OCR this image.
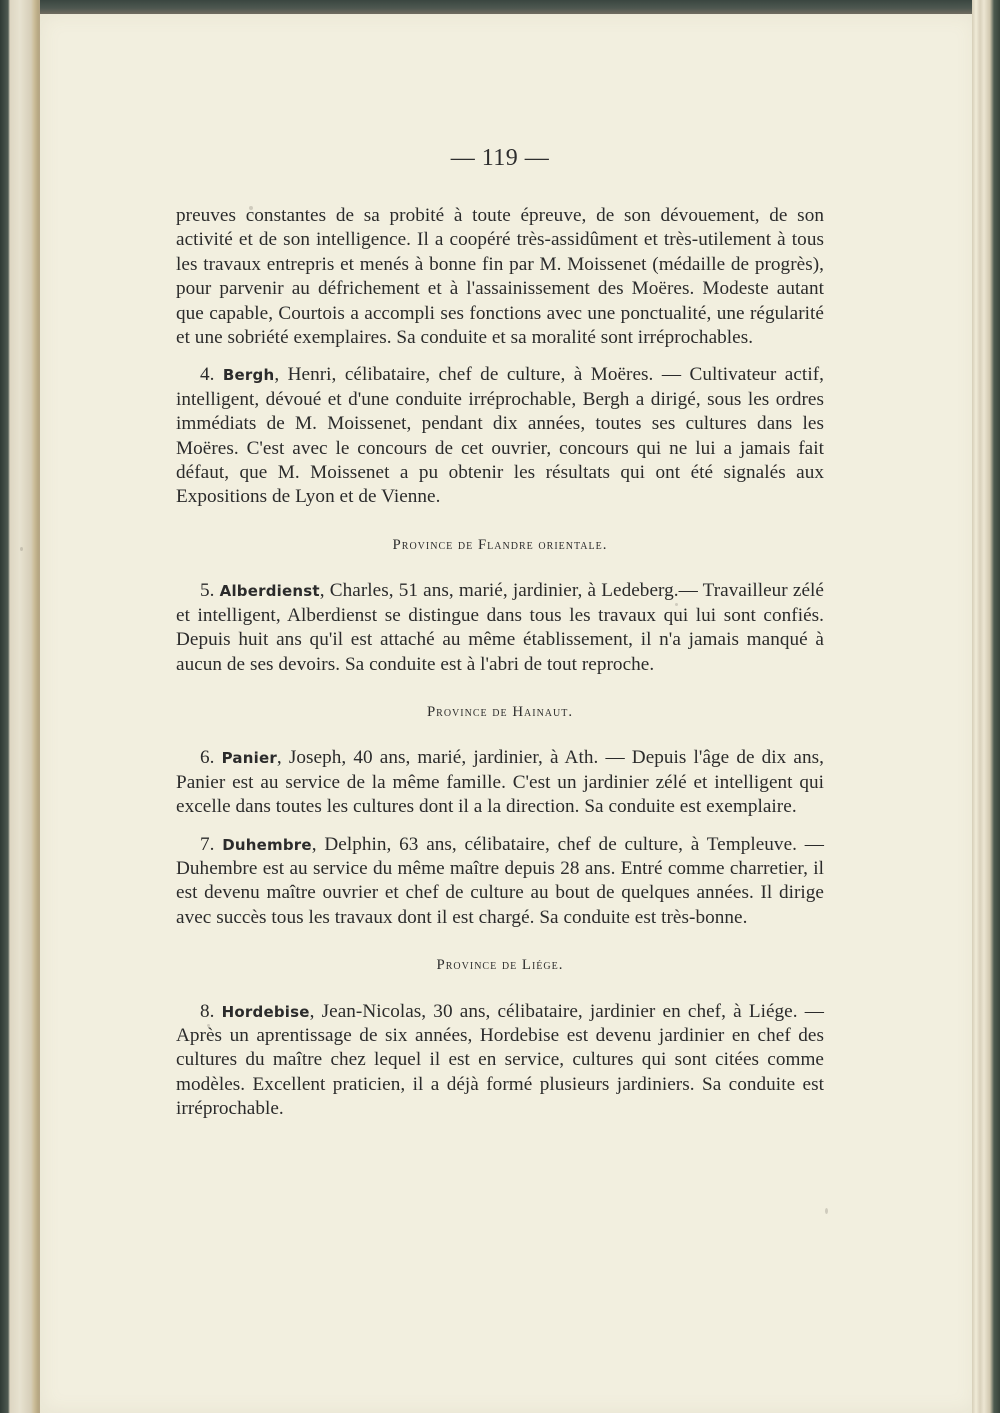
— 119 —

preuves constantes de sa probité à toute épreuve, de son dévouement, de son activité et de son intelligence. Il a coopéré très-assidûment et très-utilement à tous les travaux entrepris et menés à bonne fin par M. Moissenet (médaille de progrès), pour parvenir au défrichement et à l'assainissement des Moëres. Modeste autant que capable, Courtois a accompli ses fonctions avec une ponctualité, une régularité et une sobriété exemplaires. Sa conduite et sa moralité sont irréprochables.

4. Bergh, Henri, célibataire, chef de culture, à Moëres. — Cultivateur actif, intelligent, dévoué et d'une conduite irréprochable, Bergh a dirigé, sous les ordres immédiats de M. Moissenet, pendant dix années, toutes ses cultures dans les Moëres. C'est avec le concours de cet ouvrier, concours qui ne lui a jamais fait défaut, que M. Moissenet a pu obtenir les résultats qui ont été signalés aux Expositions de Lyon et de Vienne.

Province de Flandre orientale.

5. Alberdienst, Charles, 51 ans, marié, jardinier, à Ledeberg.— Travailleur zélé et intelligent, Alberdienst se distingue dans tous les travaux qui lui sont confiés. Depuis huit ans qu'il est attaché au même établissement, il n'a jamais manqué à aucun de ses devoirs. Sa conduite est à l'abri de tout reproche.

Province de Hainaut.

6. Panier, Joseph, 40 ans, marié, jardinier, à Ath. — Depuis l'âge de dix ans, Panier est au service de la même famille. C'est un jardinier zélé et intelligent qui excelle dans toutes les cultures dont il a la direction. Sa conduite est exemplaire.

7. Duhembre, Delphin, 63 ans, célibataire, chef de culture, à Templeuve. — Duhembre est au service du même maître depuis 28 ans. Entré comme charretier, il est devenu maître ouvrier et chef de culture au bout de quelques années. Il dirige avec succès tous les travaux dont il est chargé. Sa conduite est très-bonne.

Province de Liége.

8. Hordebise, Jean-Nicolas, 30 ans, célibataire, jardinier en chef, à Liége. — Après un aprentissage de six années, Hordebise est devenu jardinier en chef des cultures du maître chez lequel il est en service, cultures qui sont citées comme modèles. Excellent praticien, il a déjà formé plusieurs jardiniers. Sa conduite est irréprochable.
